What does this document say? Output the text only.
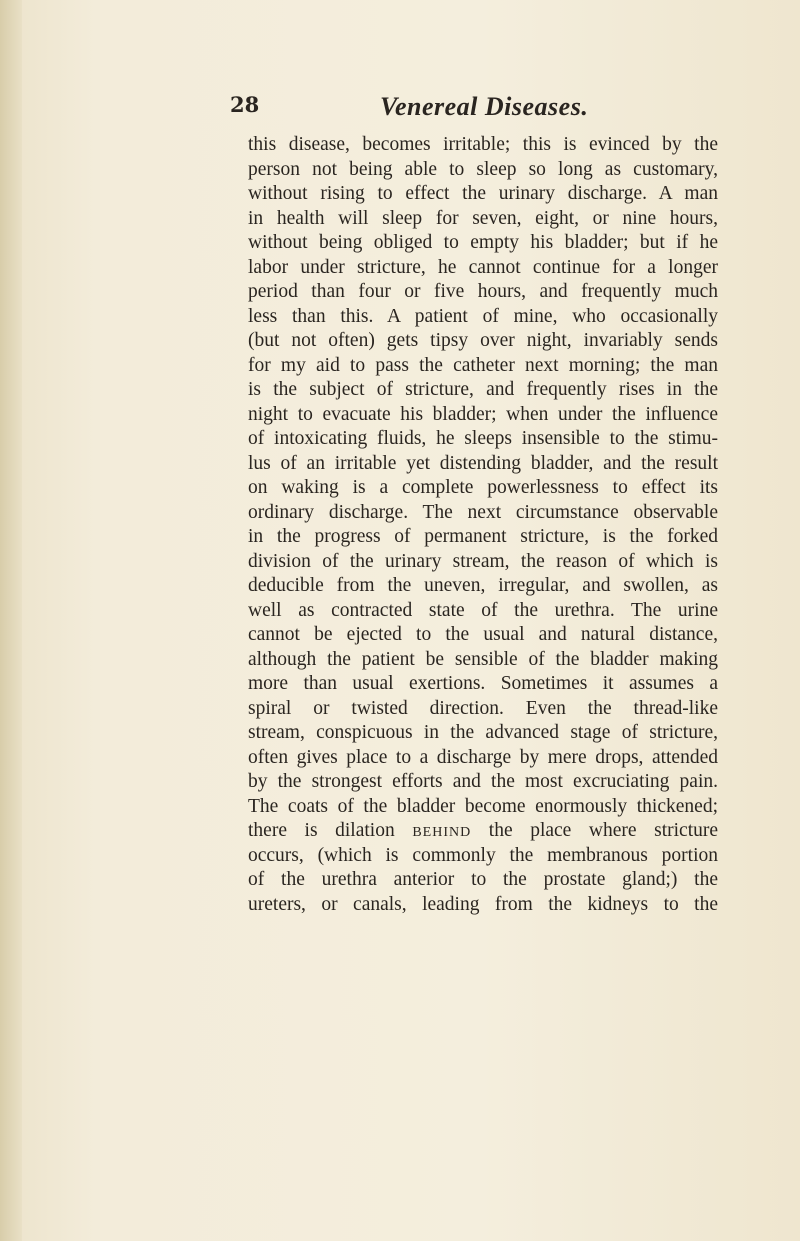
28	Venereal Diseases.
this disease, becomes irritable; this is evinced by the
person not being able to sleep so long as customary,
without rising to effect the urinary discharge. A man
in health will sleep for seven, eight, or nine hours,
without being obliged to empty his bladder; but if he
labor under stricture, he cannot continue for a longer
period than four or five hours, and frequently much
less than this. A patient of mine, who occasionally
(but not often) gets tipsy over night, invariably sends
for my aid to pass the catheter next morning; the man
is the subject of stricture, and frequently rises in the
night to evacuate his bladder; when under the influence
of intoxicating fluids, he sleeps insensible to the stimu-
lus of an irritable yet distending bladder, and the result
on waking is a complete powerlessness to effect its
ordinary discharge. The next circumstance observable
in the progress of permanent stricture, is the forked
division of the urinary stream, the reason of which is
deducible from the uneven, irregular, and swollen, as
well as contracted state of the urethra. The urine
cannot be ejected to the usual and natural distance,
although the patient be sensible of the bladder making
more than usual exertions. Sometimes it assumes a
spiral or twisted direction. Even the thread-like
stream, conspicuous in the advanced stage of stricture,
often gives place to a discharge by mere drops, attended
by the strongest efforts and the most excruciating pain.
The coats of the bladder become enormously thickened;
there is dilation behind the place where stricture
occurs, (which is commonly the membranous portion
of the urethra anterior to the prostate gland;) the
ureters, or canals, leading from the kidneys to the
